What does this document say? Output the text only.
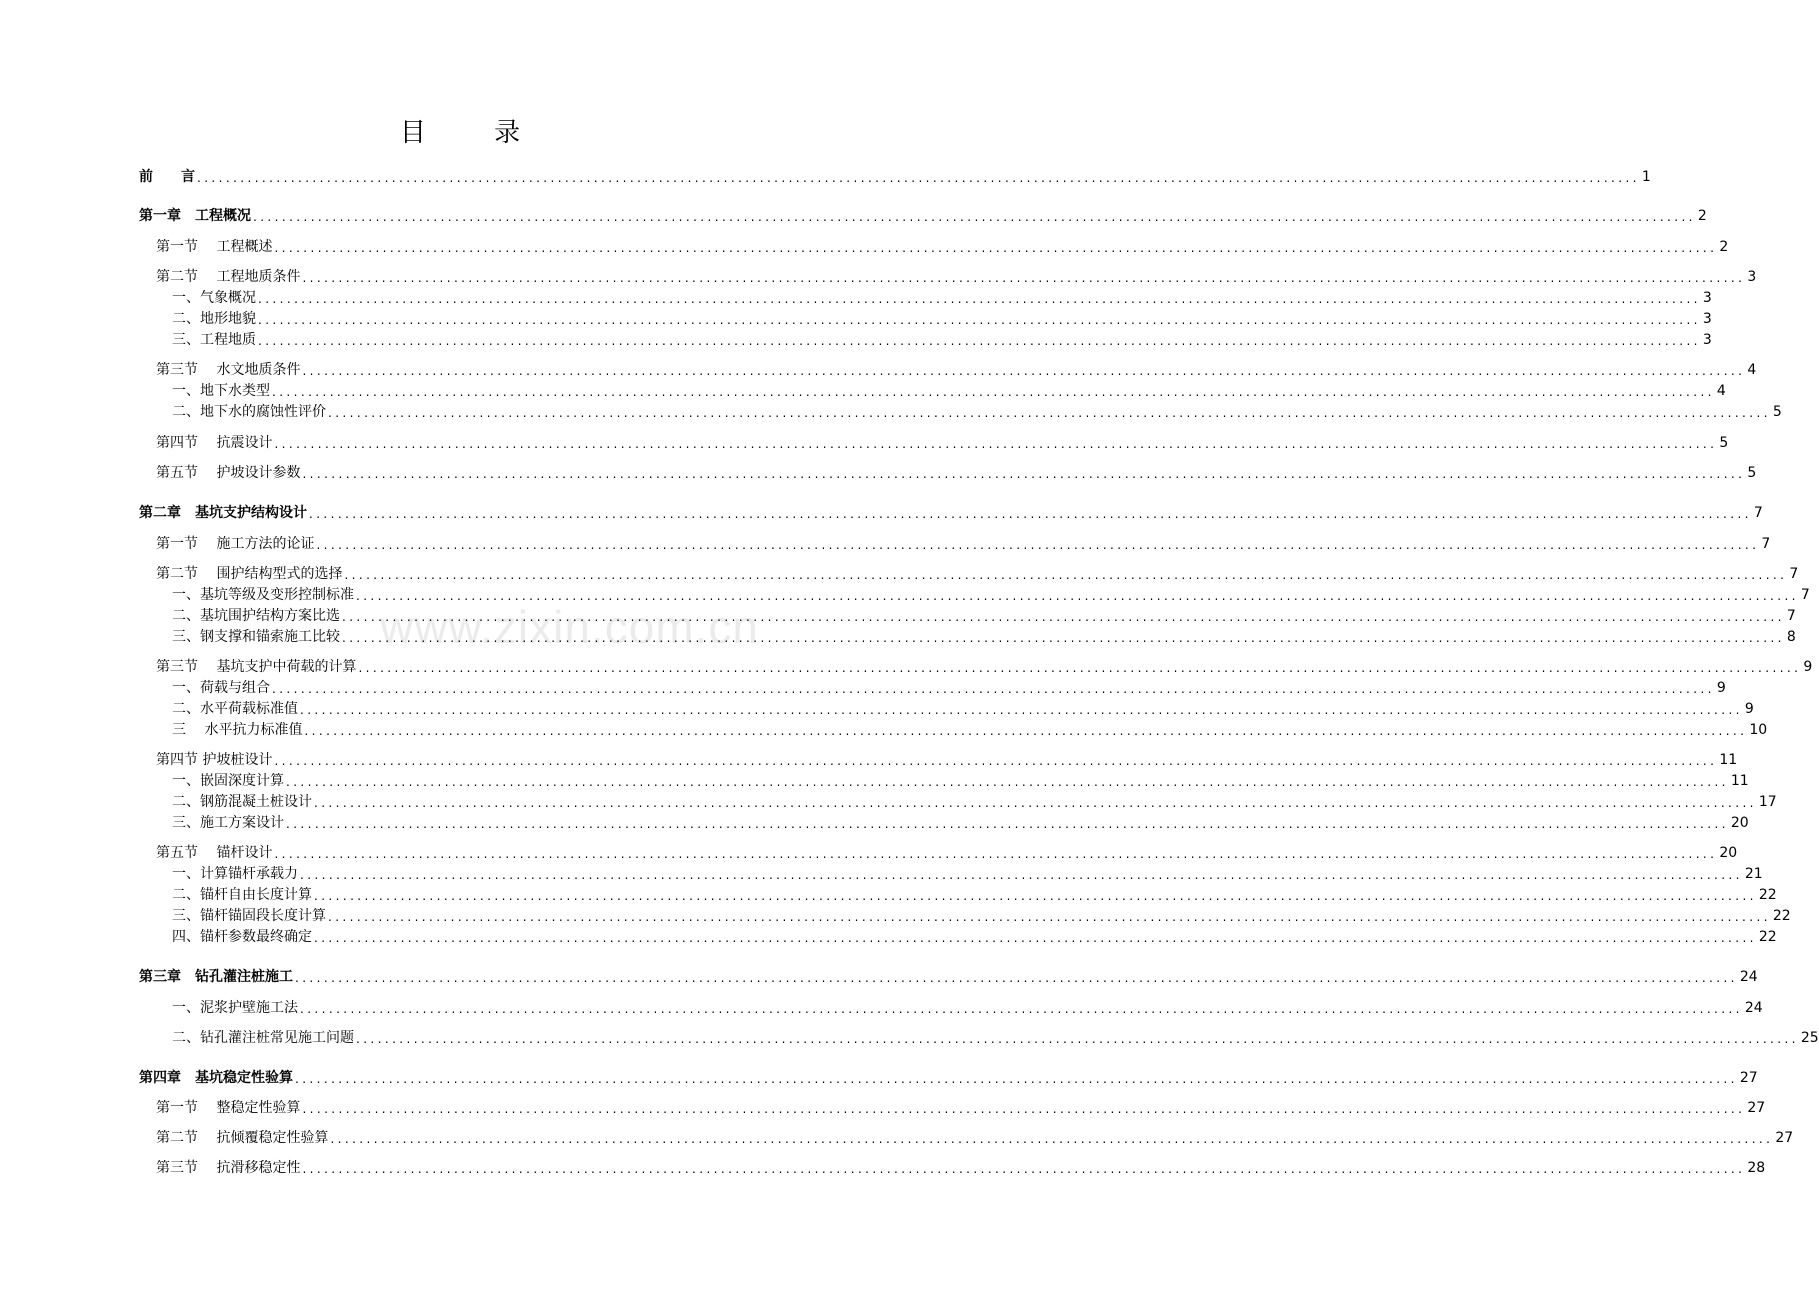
www.zixin.com.cn
目 录
前　　言 ........................................................................................................................................................................................................ 1
第一章　工程概况 ........................................................................................................................................................................................................ 2
第一节　 工程概述 ........................................................................................................................................................................................................ 2
第二节　 工程地质条件 ........................................................................................................................................................................................................ 3
一、气象概况 ........................................................................................................................................................................................................ 3
二、地形地貌 ........................................................................................................................................................................................................ 3
三、工程地质 ........................................................................................................................................................................................................ 3
第三节　 水文地质条件 ........................................................................................................................................................................................................ 4
一、地下水类型 ........................................................................................................................................................................................................ 4
二、地下水的腐蚀性评价 ........................................................................................................................................................................................................ 5
第四节　 抗震设计 ........................................................................................................................................................................................................ 5
第五节　 护坡设计参数 ........................................................................................................................................................................................................ 5
第二章　基坑支护结构设计 ........................................................................................................................................................................................................ 7
第一节　 施工方法的论证 ........................................................................................................................................................................................................ 7
第二节　 围护结构型式的选择 ........................................................................................................................................................................................................ 7
一、基坑等级及变形控制标准 ........................................................................................................................................................................................................ 7
二、基坑围护结构方案比选 ........................................................................................................................................................................................................ 7
三、钢支撑和锚索施工比较 ........................................................................................................................................................................................................ 8
第三节　 基坑支护中荷载的计算 ........................................................................................................................................................................................................ 9
一、荷载与组合 ........................................................................................................................................................................................................ 9
二、水平荷载标准值 ........................................................................................................................................................................................................ 9
三　 水平抗力标准值 ........................................................................................................................................................................................................ 10
第四节 护坡桩设计 ........................................................................................................................................................................................................ 11
一、嵌固深度计算 ........................................................................................................................................................................................................ 11
二、钢筋混凝土桩设计 ........................................................................................................................................................................................................ 17
三、施工方案设计 ........................................................................................................................................................................................................ 20
第五节　 锚杆设计 ........................................................................................................................................................................................................ 20
一、计算锚杆承载力 ........................................................................................................................................................................................................ 21
二、锚杆自由长度计算 ........................................................................................................................................................................................................ 22
三、锚杆锚固段长度计算 ........................................................................................................................................................................................................ 22
四、锚杆参数最终确定 ........................................................................................................................................................................................................ 22
第三章　钻孔灌注桩施工 ........................................................................................................................................................................................................ 24
一、泥浆护壁施工法 ........................................................................................................................................................................................................ 24
二、钻孔灌注桩常见施工问题 ........................................................................................................................................................................................................ 25
第四章　基坑稳定性验算 ........................................................................................................................................................................................................ 27
第一节　 整稳定性验算 ........................................................................................................................................................................................................ 27
第二节　 抗倾覆稳定性验算 ........................................................................................................................................................................................................ 27
第三节　 抗滑移稳定性 ........................................................................................................................................................................................................ 28
